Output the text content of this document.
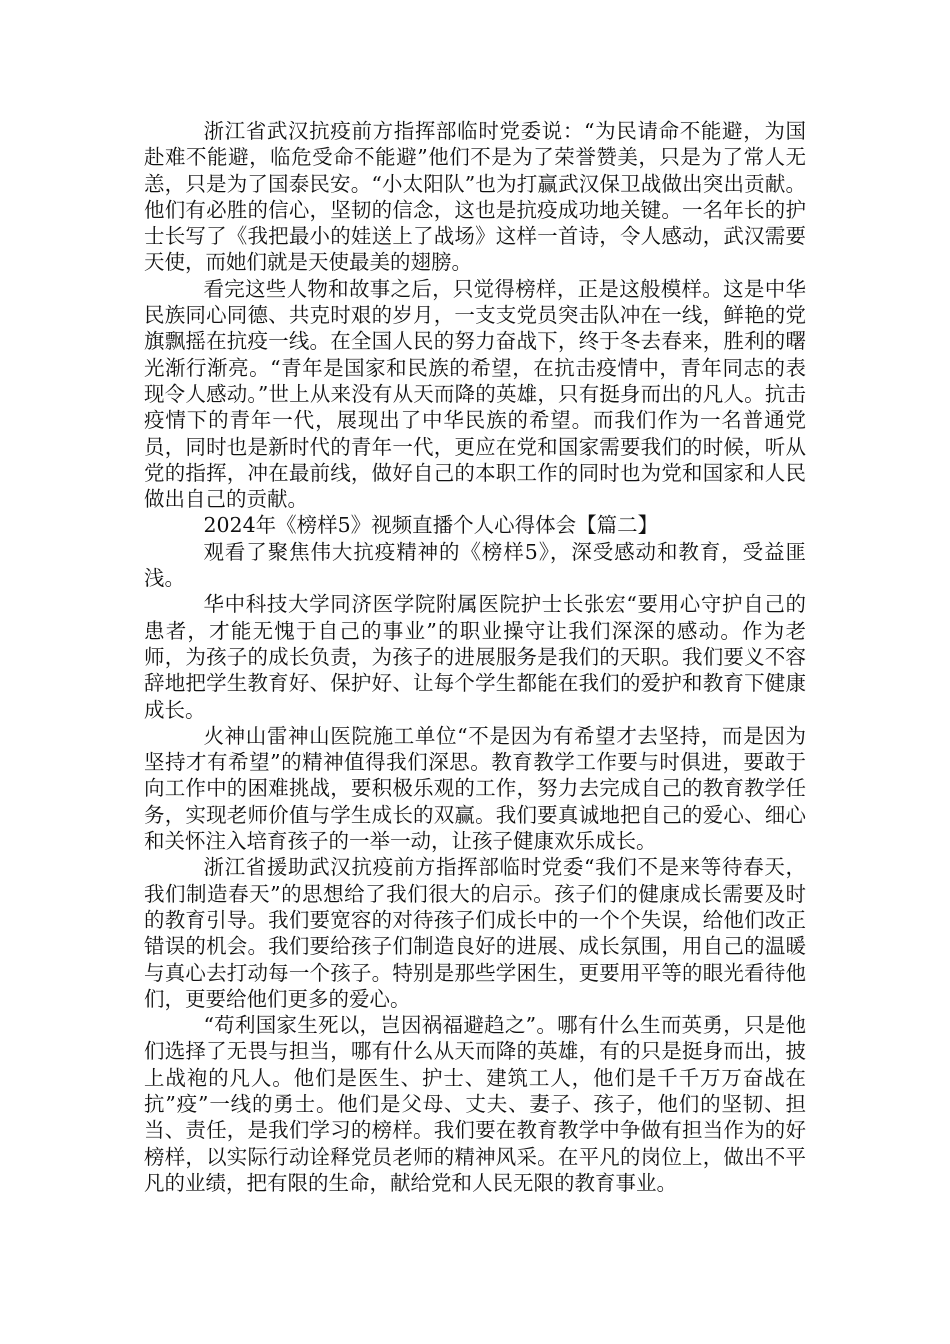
浙江省武汉抗疫前方指挥部临时党委说：“为民请命不能避，为国赴难不能避，临危受命不能避”他们不是为了荣誉赞美，只是为了常人无恙，只是为了国泰民安。“小太阳队”也为打赢武汉保卫战做出突出贡献。他们有必胜的信心，坚韧的信念，这也是抗疫成功地关键。一名年长的护士长写了《我把最小的娃送上了战场》这样一首诗，令人感动，武汉需要天使，而她们就是天使最美的翅膀。

看完这些人物和故事之后，只觉得榜样，正是这般模样。这是中华民族同心同德、共克时艰的岁月，一支支党员突击队冲在一线，鲜艳的党旗飘摇在抗疫一线。在全国人民的努力奋战下，终于冬去春来，胜利的曙光渐行渐亮。“青年是国家和民族的希望，在抗击疫情中，青年同志的表现令人感动。”世上从来没有从天而降的英雄，只有挺身而出的凡人。抗击疫情下的青年一代，展现出了中华民族的希望。而我们作为一名普通党员，同时也是新时代的青年一代，更应在党和国家需要我们的时候，听从党的指挥，冲在最前线，做好自己的本职工作的同时也为党和国家和人民做出自己的贡献。

2024年《榜样5》视频直播个人心得体会【篇二】

观看了聚焦伟大抗疫精神的《榜样5》，深受感动和教育，受益匪浅。

华中科技大学同济医学院附属医院护士长张宏“要用心守护自己的患者，才能无愧于自己的事业”的职业操守让我们深深的感动。作为老师，为孩子的成长负责，为孩子的进展服务是我们的天职。我们要义不容辞地把学生教育好、保护好、让每个学生都能在我们的爱护和教育下健康成长。

火神山雷神山医院施工单位“不是因为有希望才去坚持，而是因为坚持才有希望”的精神值得我们深思。教育教学工作要与时俱进，要敢于向工作中的困难挑战，要积极乐观的工作，努力去完成自己的教育教学任务，实现老师价值与学生成长的双赢。我们要真诚地把自己的爱心、细心和关怀注入培育孩子的一举一动，让孩子健康欢乐成长。

浙江省援助武汉抗疫前方指挥部临时党委“我们不是来等待春天，我们制造春天”的思想给了我们很大的启示。孩子们的健康成长需要及时的教育引导。我们要宽容的对待孩子们成长中的一个个失误，给他们改正错误的机会。我们要给孩子们制造良好的进展、成长氛围，用自己的温暖与真心去打动每一个孩子。特别是那些学困生，更要用平等的眼光看待他们，更要给他们更多的爱心。

“苟利国家生死以，岂因祸福避趋之”。哪有什么生而英勇，只是他们选择了无畏与担当，哪有什么从天而降的英雄，有的只是挺身而出，披上战袍的凡人。他们是医生、护士、建筑工人，他们是千千万万奋战在抗”疫”一线的勇士。他们是父母、丈夫、妻子、孩子，他们的坚韧、担当、责任，是我们学习的榜样。我们要在教育教学中争做有担当作为的好榜样，以实际行动诠释党员老师的精神风采。在平凡的岗位上，做出不平凡的业绩，把有限的生命，献给党和人民无限的教育事业。
